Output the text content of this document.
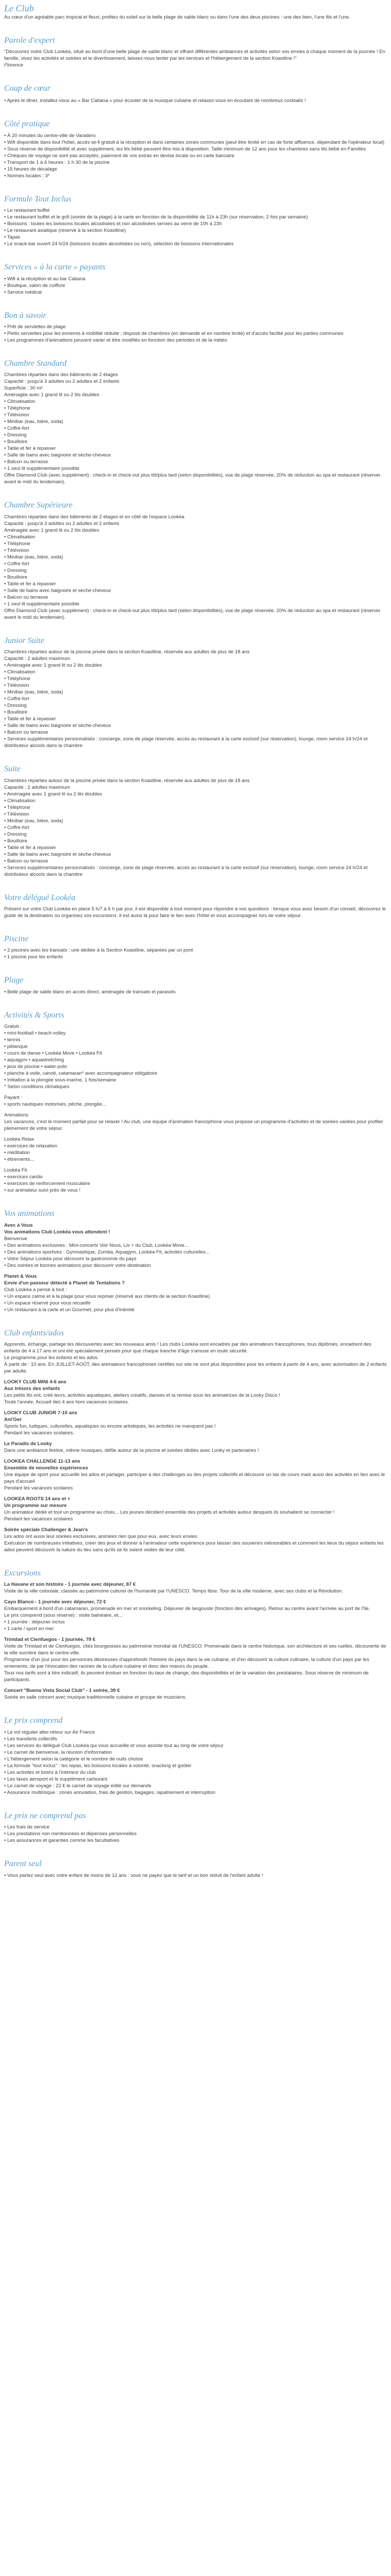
Le Club

Au cœur d'un agréable parc tropical et fleuri, profitez du soleil sur la belle plage de sable blanc ou dans l'une des deux piscines : une des bien, l'une fils et l'une.

Parole d'expert

"Découvrez notre Club Lookéa, situé au bord d'une belle plage de sable blanc et offrant différentes ambiances et activités selon vos envies à chaque moment de la journée ! En famille, vivez les activités et soirées et le divertissement, laissez-vous tenter par les services et l'hébergement de la section Koastline !"

Florence

Coup de cœur

• Après le dîner, installez-vous au « Bar Cabana » pour écouter de la musique cubaine et relaxez-vous en écoutant de nombreux cocktails !

Côté pratique

• À 20 minutes du centre-ville de Varadero

• Wifi disponible dans tout l'hôtel, accès wi-fi gratuit à la réception et dans certaines zones communes (peut être limité en cas de forte affluence, dépendant de l'opérateur local)

• Sous réserve de disponibilité et avec supplément, les lits bébé peuvent être mis à disposition. Taille minimum de 12 ans pour les chambres sans lits bébé en Familles

• Chèques de voyage ne sont pas acceptés, paiement de vos extras en devise locale ou en carte bancaire

• Transport de 1 à 6 heures : 1 h 30 de la piscine

• 15 heures de décalage

• Normes locales : 3*

Formule Tout Inclus

• Le restaurant buffet

• Le restaurant buffet et le grill (soirée de la plage) à la carte en fonction de la disponibilité de 11h à 23h (sur réservation, 2 fois par semaine)

• Boissons : toutes les boissons locales alcoolisées et non alcoolisées servies au verre de 10h à 23h

• Le restaurant asiatique (réservé à la section Koastline)

• Tapas

• Le snack-bar ouvert 24 h/24 (boissons locales alcoolisées ou non), sélection de boissons internationales

Services « à la carte » payants

• Wifi à la réception et au bar Cabana

• Boutique, salon de coiffure

• Service médical

Bon à savoir

• Prêt de serviettes de plage

• Petits serviettes pour les ennemis à mobilité réduite ; disposé de chambres (en demande et en nombre limité) et d'accès facilité pour les parties communes

• Les programmes d'animations peuvent varier et être modifiés en fonction des périodes et de la météo

Chambre Standard

Chambres réparties dans des bâtiments de 2 étages

Capacité : jusqu'à 3 adultes ou 2 adultes et 2 enfants

Superficie : 30 m²

Aménagée avec 1 grand lit ou 2 lits doubles

• Climatisation

• Téléphone

• Télévision

• Minibar (eau, bière, soda)

• Coffre-fort

• Dressing

• Bouilloire

• Table et fer à repasser

• Salle de bains avec baignoire et sèche-cheveux

• Balcon ou terrasse

• 1 seul lit supplémentaire possible

Offre Diamond Club (avec supplément) : check-in et check-out plus tôt/plus tard (selon disponibilités), vue de plage réservée, 20% de réduction au spa et restaurant (réserver avant le midi du lendemain).

Chambre Supérieure

Chambres réparties dans des bâtiments de 2 étages et en côté de l'espace Lookéa

Capacité : jusqu'à 3 adultes ou 2 adultes et 2 enfants

Aménagée avec 1 grand lit ou 2 lits doubles

• Climatisation

• Téléphone

• Télévision

• Minibar (eau, bière, soda)

• Coffre-fort

• Dressing

• Bouilloire

• Table et fer à repasser

• Salle de bains avec baignoire et sèche-cheveux

• Balcon ou terrasse

• 1 seul lit supplémentaire possible

Offre Diamond Club (avec supplément) : check-in et check-out plus tôt/plus tard (selon disponibilités), vue de plage réservée, 20% de réduction au spa et restaurant (réserver avant le midi du lendemain).

Junior Suite

Chambres réparties autour de la piscine privée dans la section Koastline, réservée aux adultes de plus de 18 ans

Capacité : 2 adultes maximum

• Aménagée avec 1 grand lit ou 2 lits doubles

• Climatisation

• Téléphone

• Télévision

• Minibar (eau, bière, soda)

• Coffre-fort

• Dressing

• Bouilloire

• Table et fer à repasser

• Salle de bains avec baignoire et sèche-cheveux

• Balcon ou terrasse

• Services supplémentaires personnalisés : concierge, zone de plage réservée, accès au restaurant à la carte exclusif (sur réservation), lounge, room service 24 h/24 et distributeur alcools dans la chambre

Suite

Chambres réparties autour de la piscine privée dans la section Koastline, réservée aux adultes de plus de 18 ans

Capacité : 2 adultes maximum

• Aménagée avec 1 grand lit ou 2 lits doubles

• Climatisation

• Téléphone

• Télévision

• Minibar (eau, bière, soda)

• Coffre-fort

• Dressing

• Bouilloire

• Table et fer à repasser

• Salle de bains avec baignoire et sèche-cheveux

• Balcon ou terrasse

• Services supplémentaires personnalisés : concierge, zone de plage réservée, accès au restaurant à la carte exclusif (sur réservation), lounge, room service 24 h/24 et distributeur alcools dans la chambre

Votre délégué Lookéa

Présent sur votre Club Lookéa en place 5 h/7 à 6 h par jour, il est disponible à tout moment pour répondre à vos questions : lorsque vous avez besoin d'un conseil, découvrez le guide de la destination ou organisez vos excursions. Il est aussi là pour faire le lien avec l'hôtel et vous accompagner lors de votre séjour.

Piscine

• 2 piscines avec les transats : une dédiée à la Section Koastline, séparées par un pont

• 1 piscine pour les enfants

Plage

• Belle plage de sable blanc en accès direct, aménagée de transats et parasols

Activités & Sports

Gratuit :

• mini-football • beach-volley

• tennis

• pétanque

• cours de danse • Lookéa Move • Lookéa Fit

• aquagym • aquastretching

• jeux de piscine • water-polo

• planche à voile, canoë, catamaran* avec accompagnateur obligatoire

• Initiation à la plongée sous-marine, 1 fois/semaine

* Selon conditions climatiques

Payant :

• sports nautiques motorisés, pêche, plongée...

Animations

Les vacances, c'est le moment parfait pour se relaxer ! Au club, une équipe d'animation francophone vous propose un programme d'activités et de soirées variées pour profiter pleinement de votre séjour.

Lookéa Relax

• exercices de relaxation

• méditation

• étirements...

Lookéa Fit

• exercices cardio

• exercices de renforcement musculaire

• sur animateur suivi près de vous !

Vos animations

Avec à Vous

Vos animations Club Lookéa vous attendent !

Bienvenue

• Des animations exclusives : Mini-concerts Voir Nous, Lis + du Club, Lookéa Move...

• Des animations sportives : Gymnastique, Zumba, Aquagym, Lookéa Fit, activités culturelles...

• Votre Séjour Lookéa pour découvrir la gastronomie du pays

• Des soirées et bonnes animations pour découvrir votre destination

Planet & Vous

Envie d'un passeur détecté à Planet de Tentations ?

Club Lookéa a pensé à tout :

• Un espace calme et à la plage pour vous reposer (réservé aux clients de la section Koastline)

• Un espace réservé pour vous recueillir

• Un restaurant à la carte et un Gourmet, pour plus d'intimité

Club enfants/ados

Apprends, échange, partage tes découvertes avec tes nouveaux amis ! Les clubs Lookéa sont encadrés par des animateurs francophones, tous diplômés, encadrent des enfants de 4 à 17 ans et ont été spécialement pensés pour que chaque tranche d'âge s'amuse en toute sécurité.

Le programme pour les enfants et les ados.

À partir de : 10 ans. En JUILLET-AOÛT, des animateurs francophones certifiés sur site ne sont plus disponibles pour les enfants à partir de 4 ans, avec autorisation de 2 enfants par adulte.

LOOKY CLUB MINI 4-6 ans

Aux trésors des enfants

Les petits lits ont, créé leurs, activités aquatiques, ateliers créatifs, danses et la remise sous les animatrices de la Looky Disco !

Toute l'année. Accueil des 4 ans hors vacances scolaires.

LOOKY CLUB JUNIOR 7-10 ans

Ani'Ger

Sports fun, ludiques, culturelles, aquatiques ou encore artistiques, les activités ne manquent pas !

Pendant les vacances scolaires.

Le Paradis de Looky

Dans une ambiance festive, même musiques, défile autour de la piscine et soirées dédiés avec Looky et partenaires !

LOOKEA CHALLENGE 11-13 ans

Ensemble de nouvelles expériences

Une équipe de sport pour accueillir les ados et partager, participer à des challenges ou des projets collectifs et découvrir un tas de cours mais aussi des activités en lien avec le pays d'accueil

Pendant les vacances scolaires

LOOKEA ROOTS 14 ans et +

Un programme sur mesure

Un animateur dédié et tout un programme au choix... Les jeunes décident ensemble des projets et activités autour desquels ils souhaitent se connecter !

Pendant les vacances scolaires

Soirée spéciale Challenger & Jean's

Les ados ont aussi leur soirées exclusives, animées rien que pour eux, avec leurs envies.

Exécution de nombreuses initiatives, créer des jeux et donner à l'animateur cette expérience pour laisser des souvenirs mémorables et comment les lieux du séjour enfants les ados peuvent découvrir la nature du lieu sans qu'ils se ils soient visités de leur côté.

Excursions

La Havane et son histoire - 1 journée avec déjeuner, 87 €

Visite de la ville coloniale, classée au patrimoine culturel de l'humanité par l'UNESCO. Temps libre. Tour de la ville moderne, avec ses clubs et la Révolution.

Cayo Blanco - 1 journée avec déjeuner, 72 €

Embarquement à bord d'un catamaran, promenade en mer et snorkeling. Déjeuner de langouste (fonction des arrivages). Retour au centre avant l'arrivée au port de l'île.

Le prix comprend (sous réserve) : visite balnéaire, et...

• 1 journée : déjeuner inclus

• 1 carte / sport en mer

Trinidad et Cienfuegos - 1 journée, 79 €

Visite de Trinidad et de Cienfuegos, cités bourgeoises au patrimoine mondial de l'UNESCO. Promenade dans le centre historique, son architecture et ses ruelles, découverte de la ville sucrière dans le centre-ville.

Programme d'un jour pour les personnes désireuses d'approfondir l'histoire du pays dans la vie cubaine, et d'en découvrir la culture culinaire, la culture d'un pays par les ornements, de par l'évocation des racines de la culture cubaine et donc des mœurs du peuple.

Tous nos tarifs sont à titre indicatif, ils peuvent évoluer en fonction du taux de change, des disponibilités et de la variation des prestataires. Sous réserve de minimum de participants.

Concert "Buena Vista Social Club" - 1 soirée, 39 €

Soirée en salle concert avec musique traditionnelle cubaine et groupe de musiciens.

Le prix comprend

• Le vol régulier aller-retour sur Air France

• Les transferts collectifs

• Les services du délégué Club Lookéa qui vous accueille et vous assiste tout au long de votre séjour

• Le carnet de bienvenue, la réunion d'information

• L'hébergement selon la catégorie et le nombre de nuits choisis

• La formule "tout inclus" : les repas, les boissons locales à volonté, snacking et goûter

• Les activités et loisirs à l'intérieur du club

• Les taxes aéroport et le supplément carburant

• Le carnet de voyage : 22 € le carnet de voyage édité sur demande

• Assurance multirisque : zones annulation, frais de gestion, bagages, rapatriement et interruption

Le prix ne comprend pas

• Les frais de service

• Les prestations non mentionnées et dépenses personnelles

• Les assurances et garanties comme les facultatives

Parent seul

• Vous partez seul avec votre enfant de moins de 12 ans : vous ne payez que le tarif et un bon réduit de l'enfant adulte !
